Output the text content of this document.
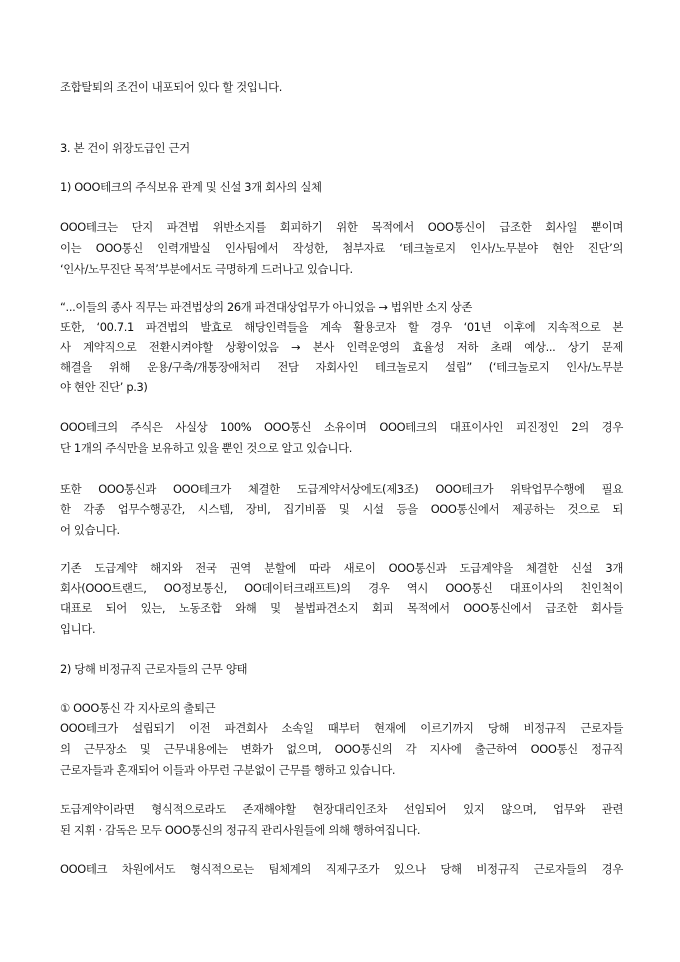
조합탈퇴의 조건이 내포되어 있다 할 것입니다.
3. 본 건이 위장도급인 근거
1) OOO테크의 주식보유 관계 및 신설 3개 회사의 실체
OOO테크는 단지 파견법 위반소지를 회피하기 위한 목적에서 OOO통신이 급조한 회사일 뿐이며
이는 OOO통신 인력개발실 인사팀에서 작성한, 첨부자료 ‘테크놀로지 인사/노무분야 현안 진단’의
‘인사/노무진단 목적’부분에서도 극명하게 드러나고 있습니다.
“...이들의 종사 직무는 파견법상의 26개 파견대상업무가 아니었음 → 법위반 소지 상존
또한, ‘00.7.1 파견법의 발효로 해당인력들을 계속 활용코자 할 경우 ‘01년 이후에 지속적으로 본
사 계약직으로 전환시켜야할 상황이었음 → 본사 인력운영의 효율성 저하 초래 예상... 상기 문제
해결을 위해 운용/구축/개통장애처리 전담 자회사인 테크놀로지 설립” (‘테크놀로지 인사/노무분
야 현안 진단’ p.3)
OOO테크의 주식은 사실상 100% OOO통신 소유이며 OOO테크의 대표이사인 피진정인 2의 경우
단 1개의 주식만을 보유하고 있을 뿐인 것으로 알고 있습니다.
또한 OOO통신과 OOO테크가 체결한 도급계약서상에도(제3조) OOO테크가 위탁업무수행에 필요
한 각종 업무수행공간, 시스템, 장비, 집기비품 및 시설 등을 OOO통신에서 제공하는 것으로 되
어 있습니다.
기존 도급계약 해지와 전국 권역 분할에 따라 새로이 OOO통신과 도급계약을 체결한 신설 3개
회사(OOO트랜드, OO정보통신, OO데이터크래프트)의 경우 역시 OOO통신 대표이사의 친인척이
대표로 되어 있는, 노동조합 와해 및 불법파견소지 회피 목적에서 OOO통신에서 급조한 회사들
입니다.
2) 당해 비정규직 근로자들의 근무 양태
① OOO통신 각 지사로의 출퇴근
OOO테크가 설립되기 이전 파견회사 소속일 때부터 현재에 이르기까지 당해 비정규직 근로자들
의 근무장소 및 근무내용에는 변화가 없으며, OOO통신의 각 지사에 출근하여 OOO통신 정규직
근로자들과 혼재되어 이들과 아무런 구분없이 근무를 행하고 있습니다.
도급계약이라면 형식적으로라도 존재해야할 현장대리인조차 선임되어 있지 않으며, 업무와 관련
된 지휘 · 감독은 모두 OOO통신의 정규직 관리사원들에 의해 행하여집니다.
OOO테크 차원에서도 형식적으로는 팀체계의 직제구조가 있으나 당해 비정규직 근로자들의 경우
